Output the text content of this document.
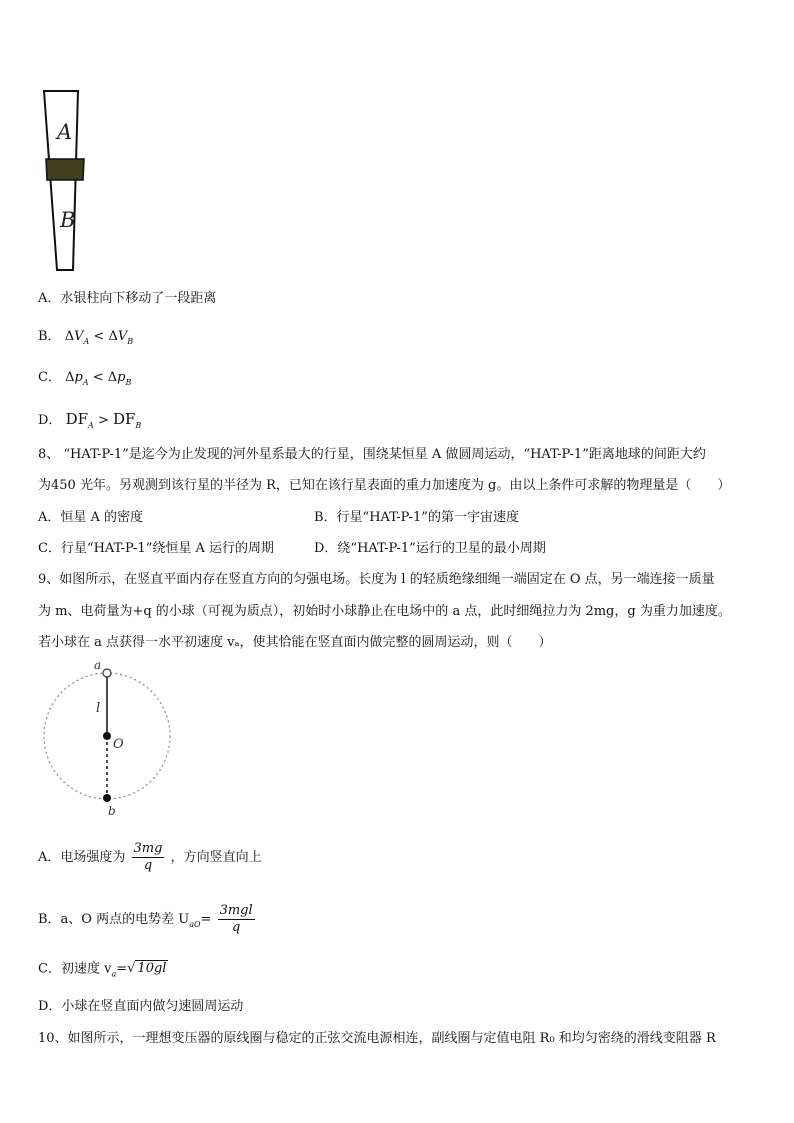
A
B
A．水银柱向下移动了一段距离
B． $\Delta V_A < \Delta V_B$
C． $\Delta p_A < \Delta p_B$
D． $DF_A > DF_B$
8、 “HAT-P-1”是迄今为止发现的河外星系最大的行星，围绕某恒星 A 做圆周运动，“HAT-P-1”距离地球的间距大约
为450 光年。另观测到该行星的半径为 R，已知在该行星表面的重力加速度为 g。由以上条件可求解的物理量是（　　）
A．恒星 A 的密度	B．行星“HAT-P-1”的第一宇宙速度
C．行星“HAT-P-1”绕恒星 A 运行的周期	D．绕“HAT-P-1”运行的卫星的最小周期
9、如图所示，在竖直平面内存在竖直方向的匀强电场。长度为 l 的轻质绝缘细绳一端固定在 O 点，另一端连接一质量
为 m、电荷量为+q 的小球（可视为质点），初始时小球静止在电场中的 a 点，此时细绳拉力为 2mg，g 为重力加速度。
若小球在 a 点获得一水平初速度 vₐ，使其恰能在竖直面内做完整的圆周运动，则（　　）
a
l
O
b
A．电场强度为 $\frac{3mg}{q}$ ，方向竖直向上
B．a、O 两点的电势差 $U_{aO}= \frac{\text{3mgl}}{q}$
C．初速度 $v_a=√$ 10gl
D．小球在竖直面内做匀速圆周运动
10、如图所示，一理想变压器的原线圈与稳定的正弦交流电源相连，副线圈与定值电阻 R₀ 和均匀密绕的滑线变阻器 R
